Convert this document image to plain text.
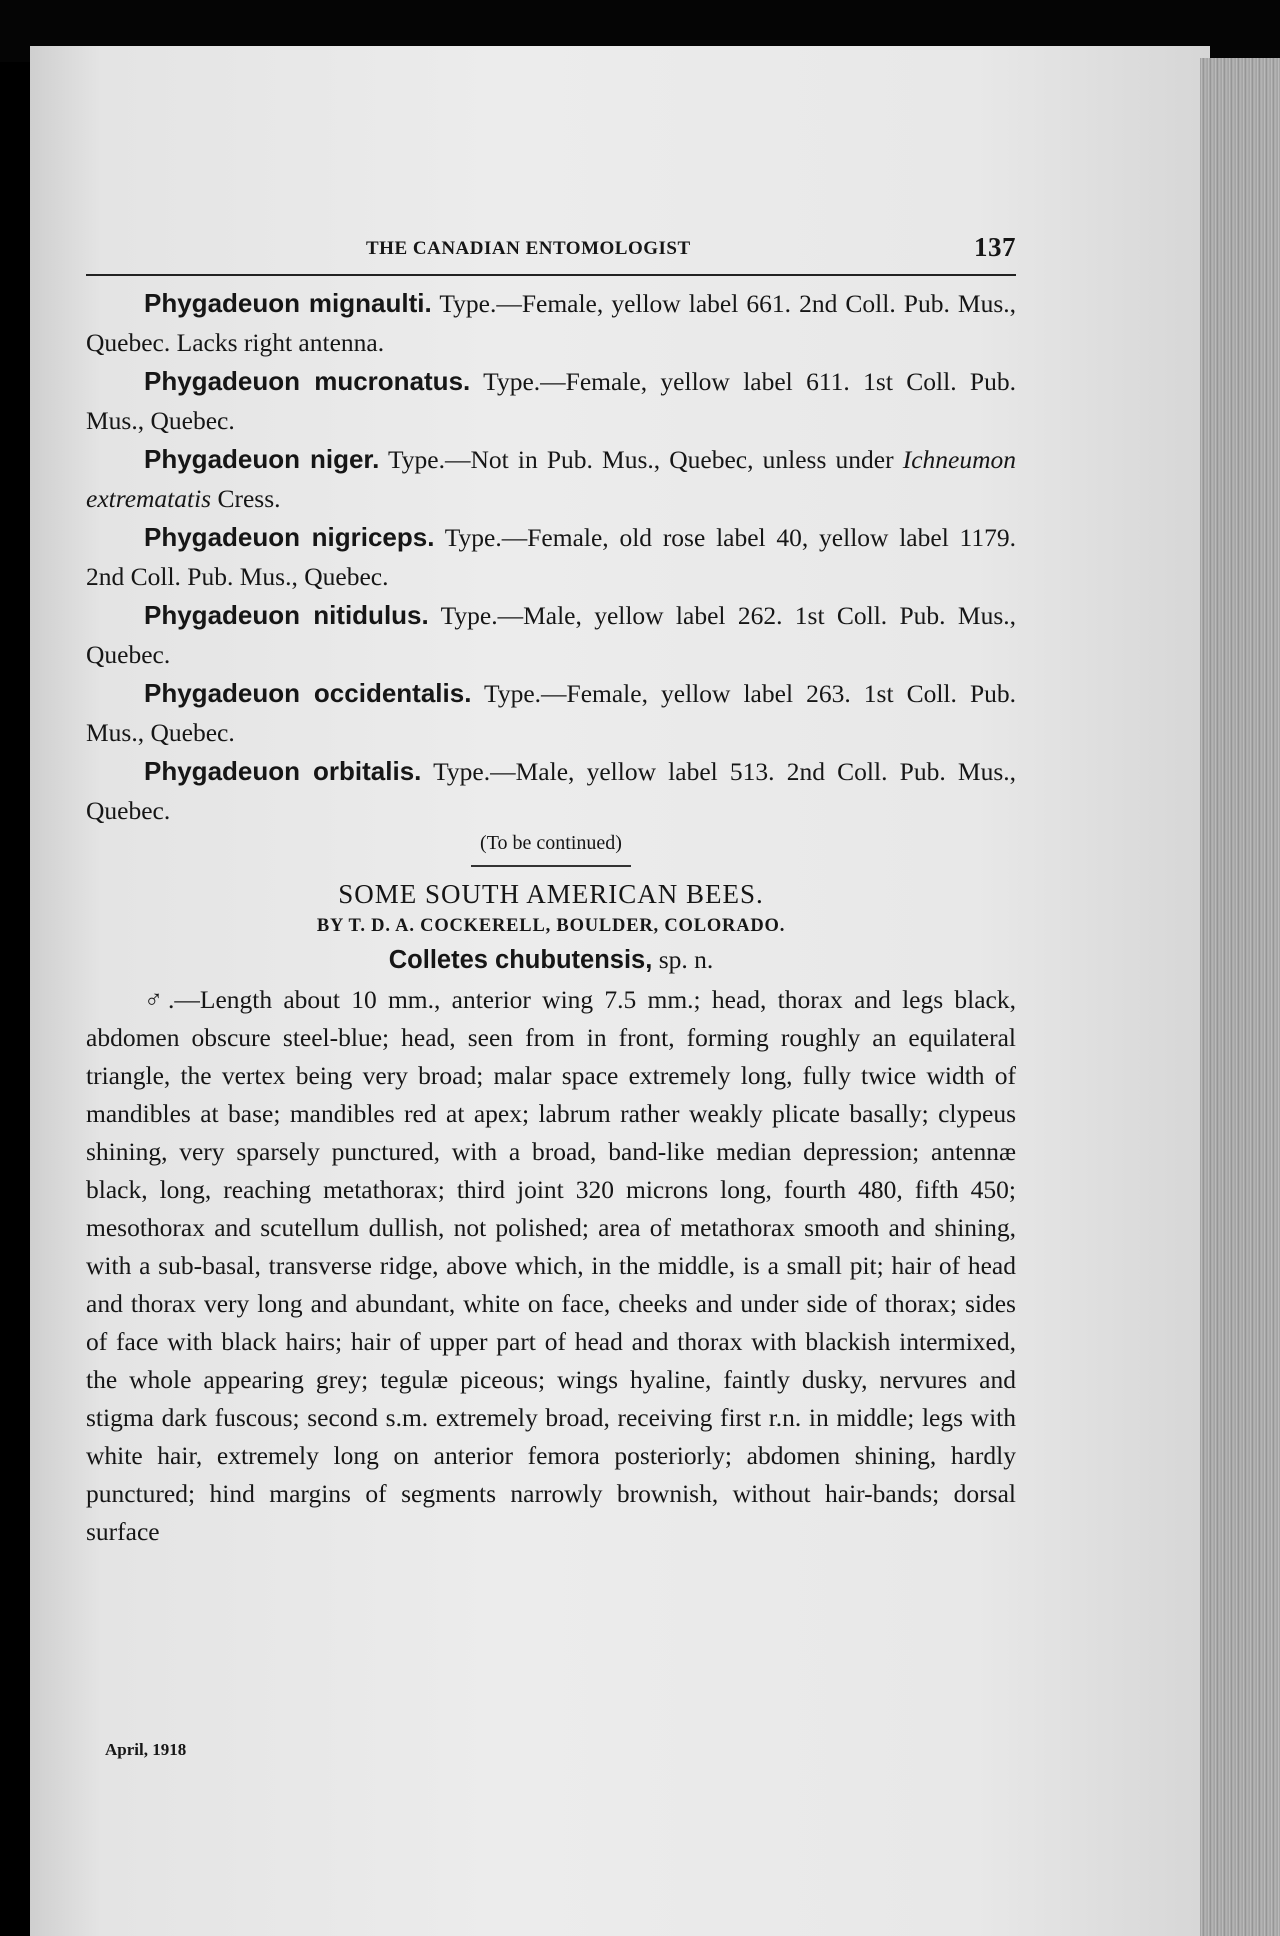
THE CANADIAN ENTOMOLOGIST	137

Phygadeuon mignaulti. Type.—Female, yellow label 661. 2nd Coll. Pub. Mus., Quebec. Lacks right antenna.

Phygadeuon mucronatus. Type.—Female, yellow label 611. 1st Coll. Pub. Mus., Quebec.

Phygadeuon niger. Type.—Not in Pub. Mus., Quebec, unless under Ichneumon extrematatis Cress.

Phygadeuon nigriceps. Type.—Female, old rose label 40, yellow label 1179. 2nd Coll. Pub. Mus., Quebec.

Phygadeuon nitidulus. Type.—Male, yellow label 262. 1st Coll. Pub. Mus., Quebec.

Phygadeuon occidentalis. Type.—Female, yellow label 263. 1st Coll. Pub. Mus., Quebec.

Phygadeuon orbitalis. Type.—Male, yellow label 513. 2nd Coll. Pub. Mus., Quebec.

(To be continued)
SOME SOUTH AMERICAN BEES.
BY T. D. A. COCKERELL, BOULDER, COLORADO.
Colletes chubutensis, sp. n.

♂.—Length about 10 mm., anterior wing 7.5 mm.; head, thorax and legs black, abdomen obscure steel-blue; head, seen from in front, forming roughly an equilateral triangle, the vertex being very broad; malar space extremely long, fully twice width of mandibles at base; mandibles red at apex; labrum rather weakly plicate basally; clypeus shining, very sparsely punctured, with a broad, band-like median depression; antennæ black, long, reaching metathorax; third joint 320 microns long, fourth 480, fifth 450; mesothorax and scutellum dullish, not polished; area of metathorax smooth and shining, with a sub-basal, transverse ridge, above which, in the middle, is a small pit; hair of head and thorax very long and abundant, white on face, cheeks and under side of thorax; sides of face with black hairs; hair of upper part of head and thorax with blackish intermixed, the whole appearing grey; tegulæ piceous; wings hyaline, faintly dusky, nervures and stigma dark fuscous; second s.m. extremely broad, receiving first r.n. in middle; legs with white hair, extremely long on anterior femora posteriorly; abdomen shining, hardly punctured; hind margins of segments narrowly brownish, without hair-bands; dorsal surface

April, 1918
